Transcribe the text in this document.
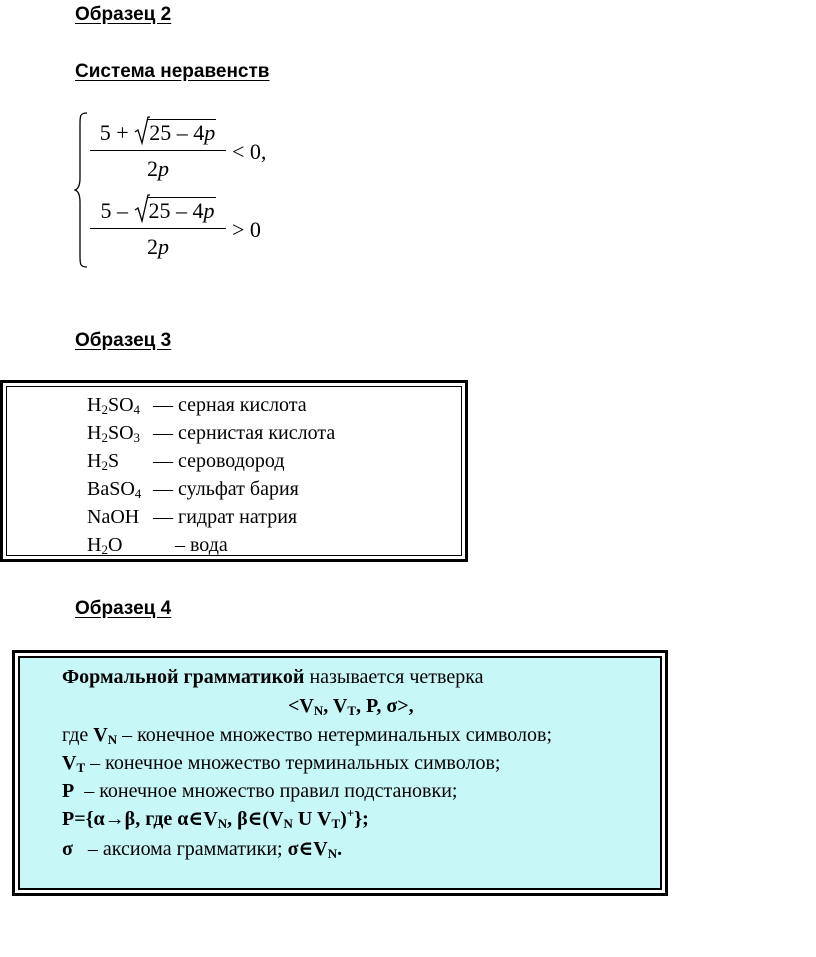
Образец 2
Система неравенств
5 + 25 – 4p
2p
< 0,
5 – 25 – 4p
2p
> 0
Образец 3
$H_2SO_4$ — серная кислота
$H_2SO_3$ — сернистая кислота
$H_2S$ — сероводород
BaSO$_4$ — сульфат бария
NaOH — гидрат натрия
$H_2O$	– вода
Образец 4
Формальной грамматикой называется четверка
$<V_N$, $V_T$, P, σ>,
где $V_N$ – конечное множество нетерминальных символов;
$V_T$ – конечное множество терминальных символов;
P  – конечное множество правил подстановки;
P={α→β, где $\alpha\in V_N$, $\beta\in(V_N$ U $V_T)^+$};
σ   – аксиома грамматики; $\sigma\in V_N$.
